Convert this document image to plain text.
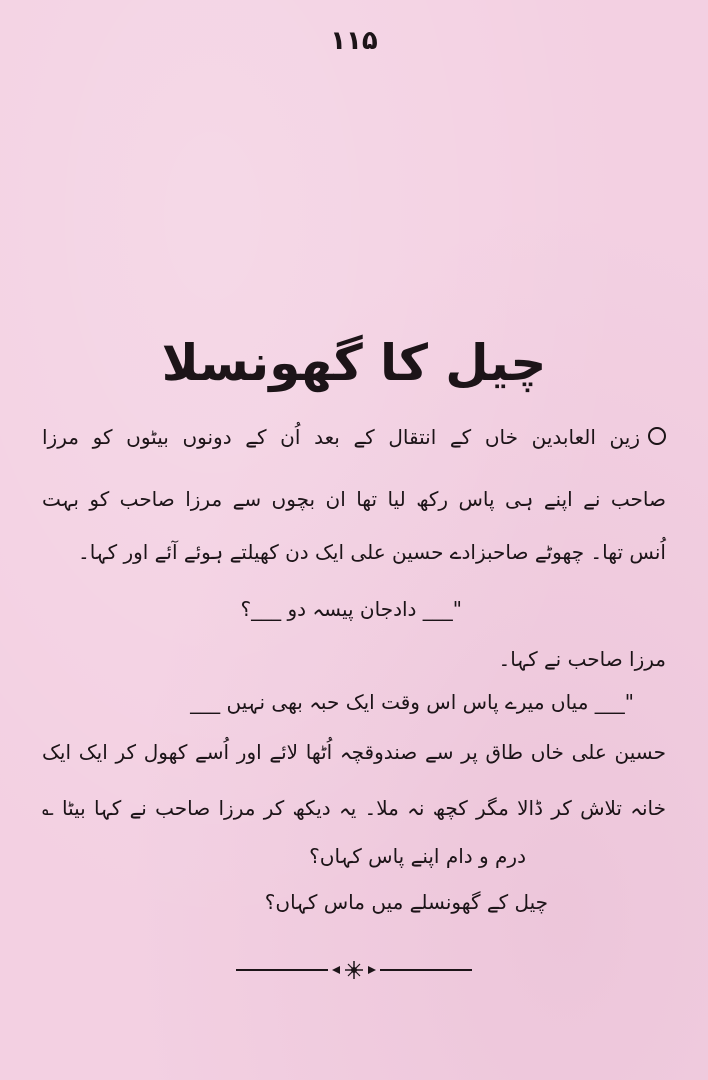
۱۱۵
چیل کا گھونسلا
زین العابدین خاں کے انتقال کے بعد اُن کے دونوں بیٹوں کو مرزا
صاحب نے اپنے ہی پاس رکھ لیا تھا ان بچوں سے مرزا صاحب کو بہت
اُنس تھا۔ چھوٹے صاحبزادے حسین علی ایک دن کھیلتے ہوئے آئے اور کہا۔
"___ دادجان پیسہ دو ___؟
مرزا صاحب نے کہا۔
"___ میاں میرے پاس اس وقت ایک حبہ بھی نہیں ___
حسین علی خاں طاق پر سے صندوقچہ اُٹھا لائے اور اُسے کھول کر ایک ایک
خانہ تلاش کر ڈالا مگر کچھ نہ ملا۔ یہ دیکھ کر مرزا صاحب نے کہا بیٹا ؎
درم و دام اپنے پاس کہاں؟
چیل کے گھونسلے میں ماس کہاں؟
